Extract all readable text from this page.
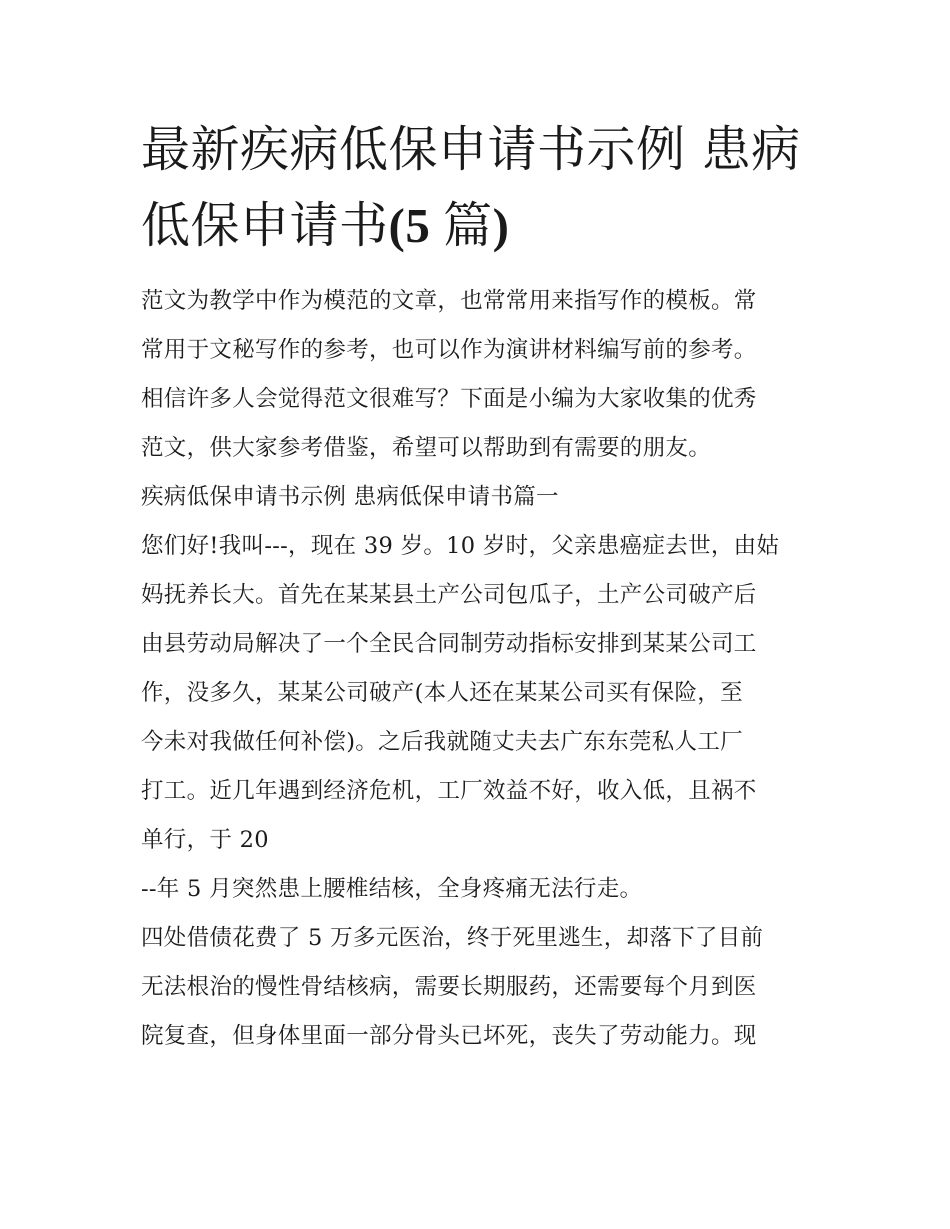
最新疾病低保申请书示例 患病
低保申请书(5 篇)
范文为教学中作为模范的文章，也常常用来指写作的模板。常
常用于文秘写作的参考，也可以作为演讲材料编写前的参考。
相信许多人会觉得范文很难写？下面是小编为大家收集的优秀
范文，供大家参考借鉴，希望可以帮助到有需要的朋友。
疾病低保申请书示例 患病低保申请书篇一
您们好!我叫---，现在 39 岁。10 岁时，父亲患癌症去世，由姑
妈抚养长大。首先在某某县土产公司包瓜子，土产公司破产后
由县劳动局解决了一个全民合同制劳动指标安排到某某公司工
作，没多久，某某公司破产(本人还在某某公司买有保险，至
今未对我做任何补偿)。之后我就随丈夫去广东东莞私人工厂
打工。近几年遇到经济危机，工厂效益不好，收入低，且祸不
单行，于 20
--年 5 月突然患上腰椎结核，全身疼痛无法行走。
四处借债花费了 5 万多元医治，终于死里逃生，却落下了目前
无法根治的慢性骨结核病，需要长期服药，还需要每个月到医
院复查，但身体里面一部分骨头已坏死，丧失了劳动能力。现
